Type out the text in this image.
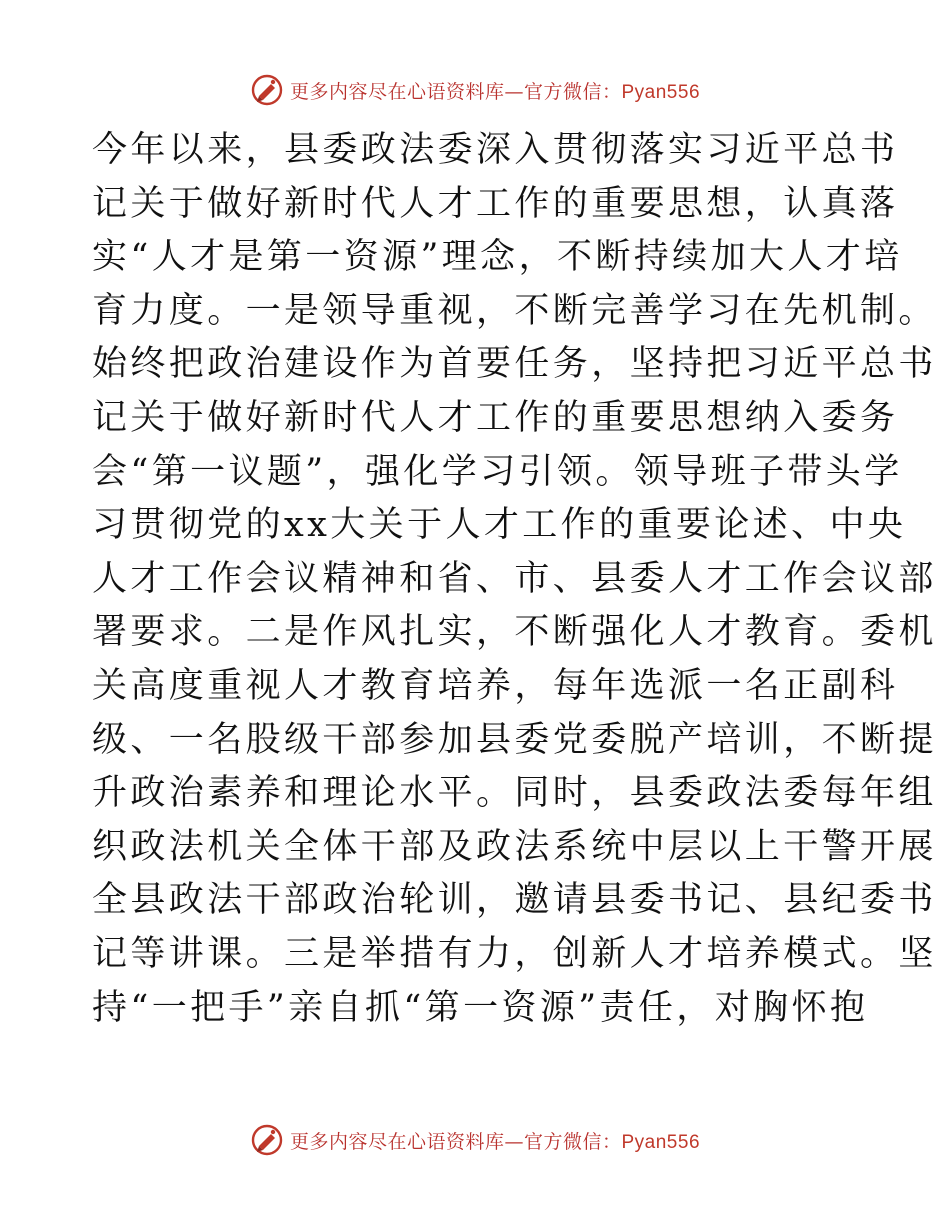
更多内容尽在心语资料库—官方微信：Pyan556
今年以来，县委政法委深入贯彻落实习近平总书
记关于做好新时代人才工作的重要思想，认真落
实“人才是第一资源”理念，不断持续加大人才培
育力度。一是领导重视，不断完善学习在先机制。
始终把政治建设作为首要任务，坚持把习近平总书
记关于做好新时代人才工作的重要思想纳入委务
会“第一议题”，强化学习引领。领导班子带头学
习贯彻党的xx大关于人才工作的重要论述、中央
人才工作会议精神和省、市、县委人才工作会议部
署要求。二是作风扎实，不断强化人才教育。委机
关高度重视人才教育培养，每年选派一名正副科
级、一名股级干部参加县委党委脱产培训，不断提
升政治素养和理论水平。同时，县委政法委每年组
织政法机关全体干部及政法系统中层以上干警开展
全县政法干部政治轮训，邀请县委书记、县纪委书
记等讲课。三是举措有力，创新人才培养模式。坚
持“一把手”亲自抓“第一资源”责任，对胸怀抱
更多内容尽在心语资料库—官方微信：Pyan556
